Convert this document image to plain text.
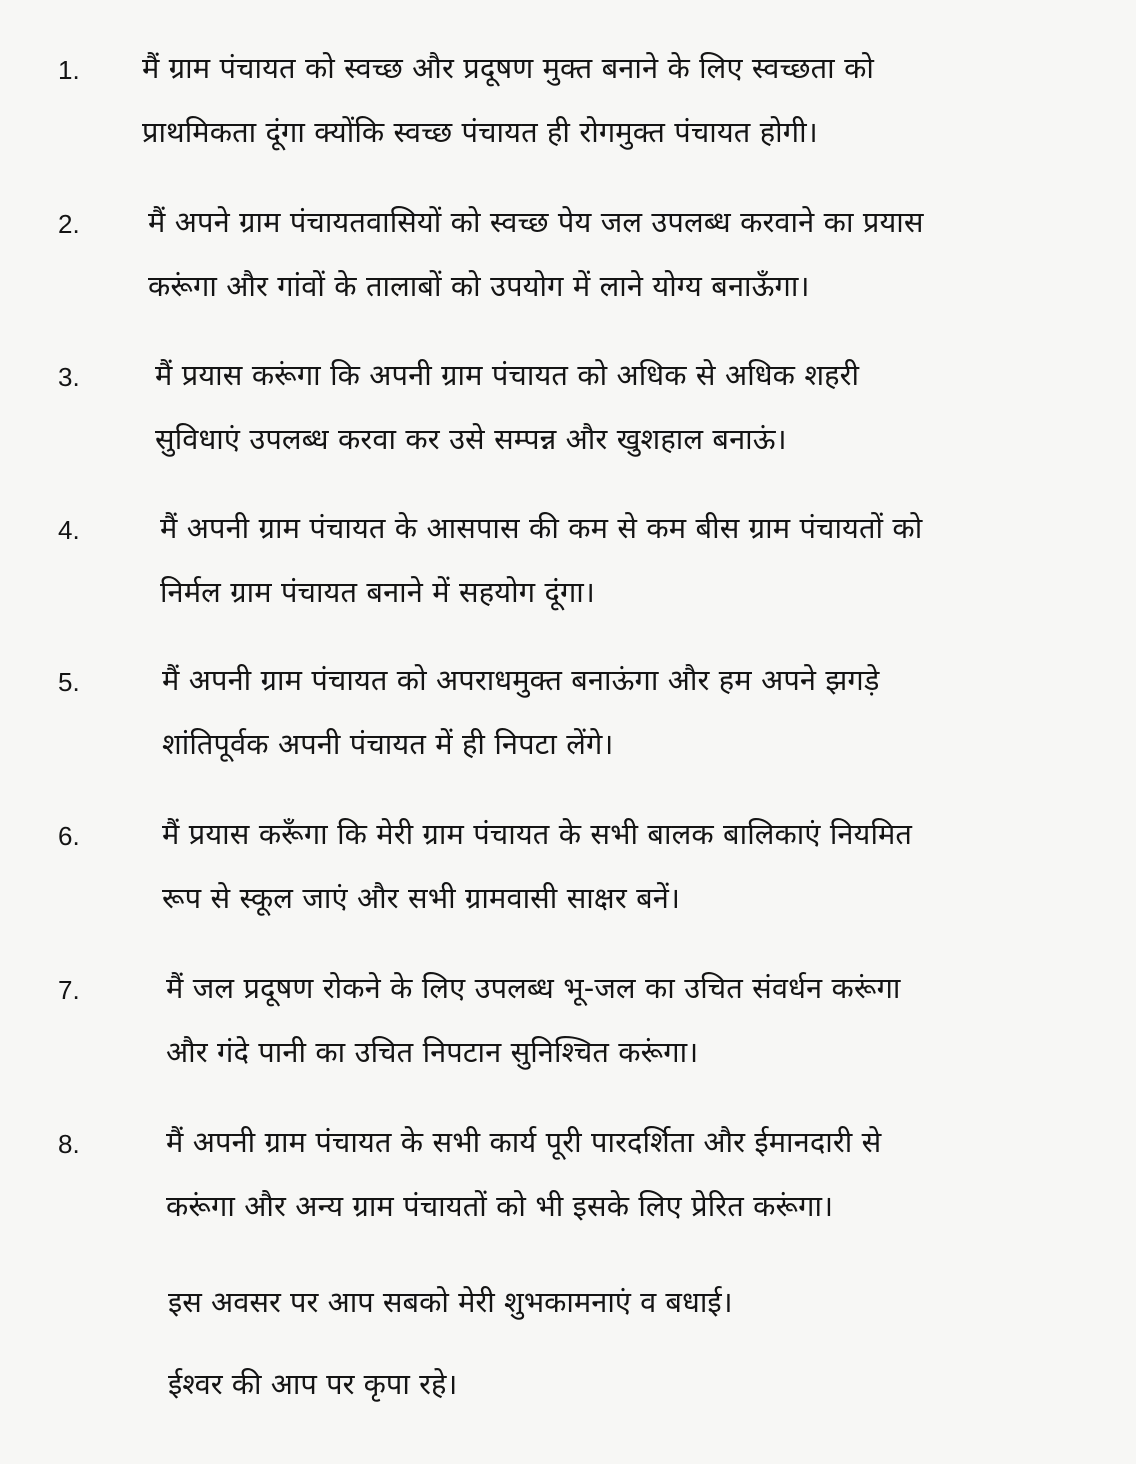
1. मैं ग्राम पंचायत को स्वच्छ और प्रदूषण मुक्त बनाने के लिए स्वच्छता को
प्राथमिकता दूंगा क्योंकि स्वच्छ पंचायत ही रोगमुक्त पंचायत होगी।
2. मैं अपने ग्राम पंचायतवासियों को स्वच्छ पेय जल उपलब्ध करवाने का प्रयास
करूंगा और गांवों के तालाबों को उपयोग में लाने योग्य बनाऊँगा।
3.	मैं प्रयास करूंगा कि अपनी ग्राम पंचायत को अधिक से अधिक शहरी
सुविधाएं उपलब्ध करवा कर उसे सम्पन्न और खुशहाल बनाऊं।
4.	मैं अपनी ग्राम पंचायत के आसपास की कम से कम बीस ग्राम पंचायतों को
निर्मल ग्राम पंचायत बनाने में सहयोग दूंगा।
5.	मैं अपनी ग्राम पंचायत को अपराधमुक्त बनाऊंगा और हम अपने झगड़े
शांतिपूर्वक अपनी पंचायत में ही निपटा लेंगे।
6.	मैं प्रयास करूँगा कि मेरी ग्राम पंचायत के सभी बालक बालिकाएं नियमित
रूप से स्कूल जाएं और सभी ग्रामवासी साक्षर बनें।
7.	मैं जल प्रदूषण रोकने के लिए उपलब्ध भू-जल का उचित संवर्धन करूंगा
और गंदे पानी का उचित निपटान सुनिश्चित करूंगा।
8.	मैं अपनी ग्राम पंचायत के सभी कार्य पूरी पारदर्शिता और ईमानदारी से
करूंगा और अन्य ग्राम पंचायतों को भी इसके लिए प्रेरित करूंगा।
इस अवसर पर आप सबको मेरी शुभकामनाएं व बधाई।
ईश्वर की आप पर कृपा रहे।
